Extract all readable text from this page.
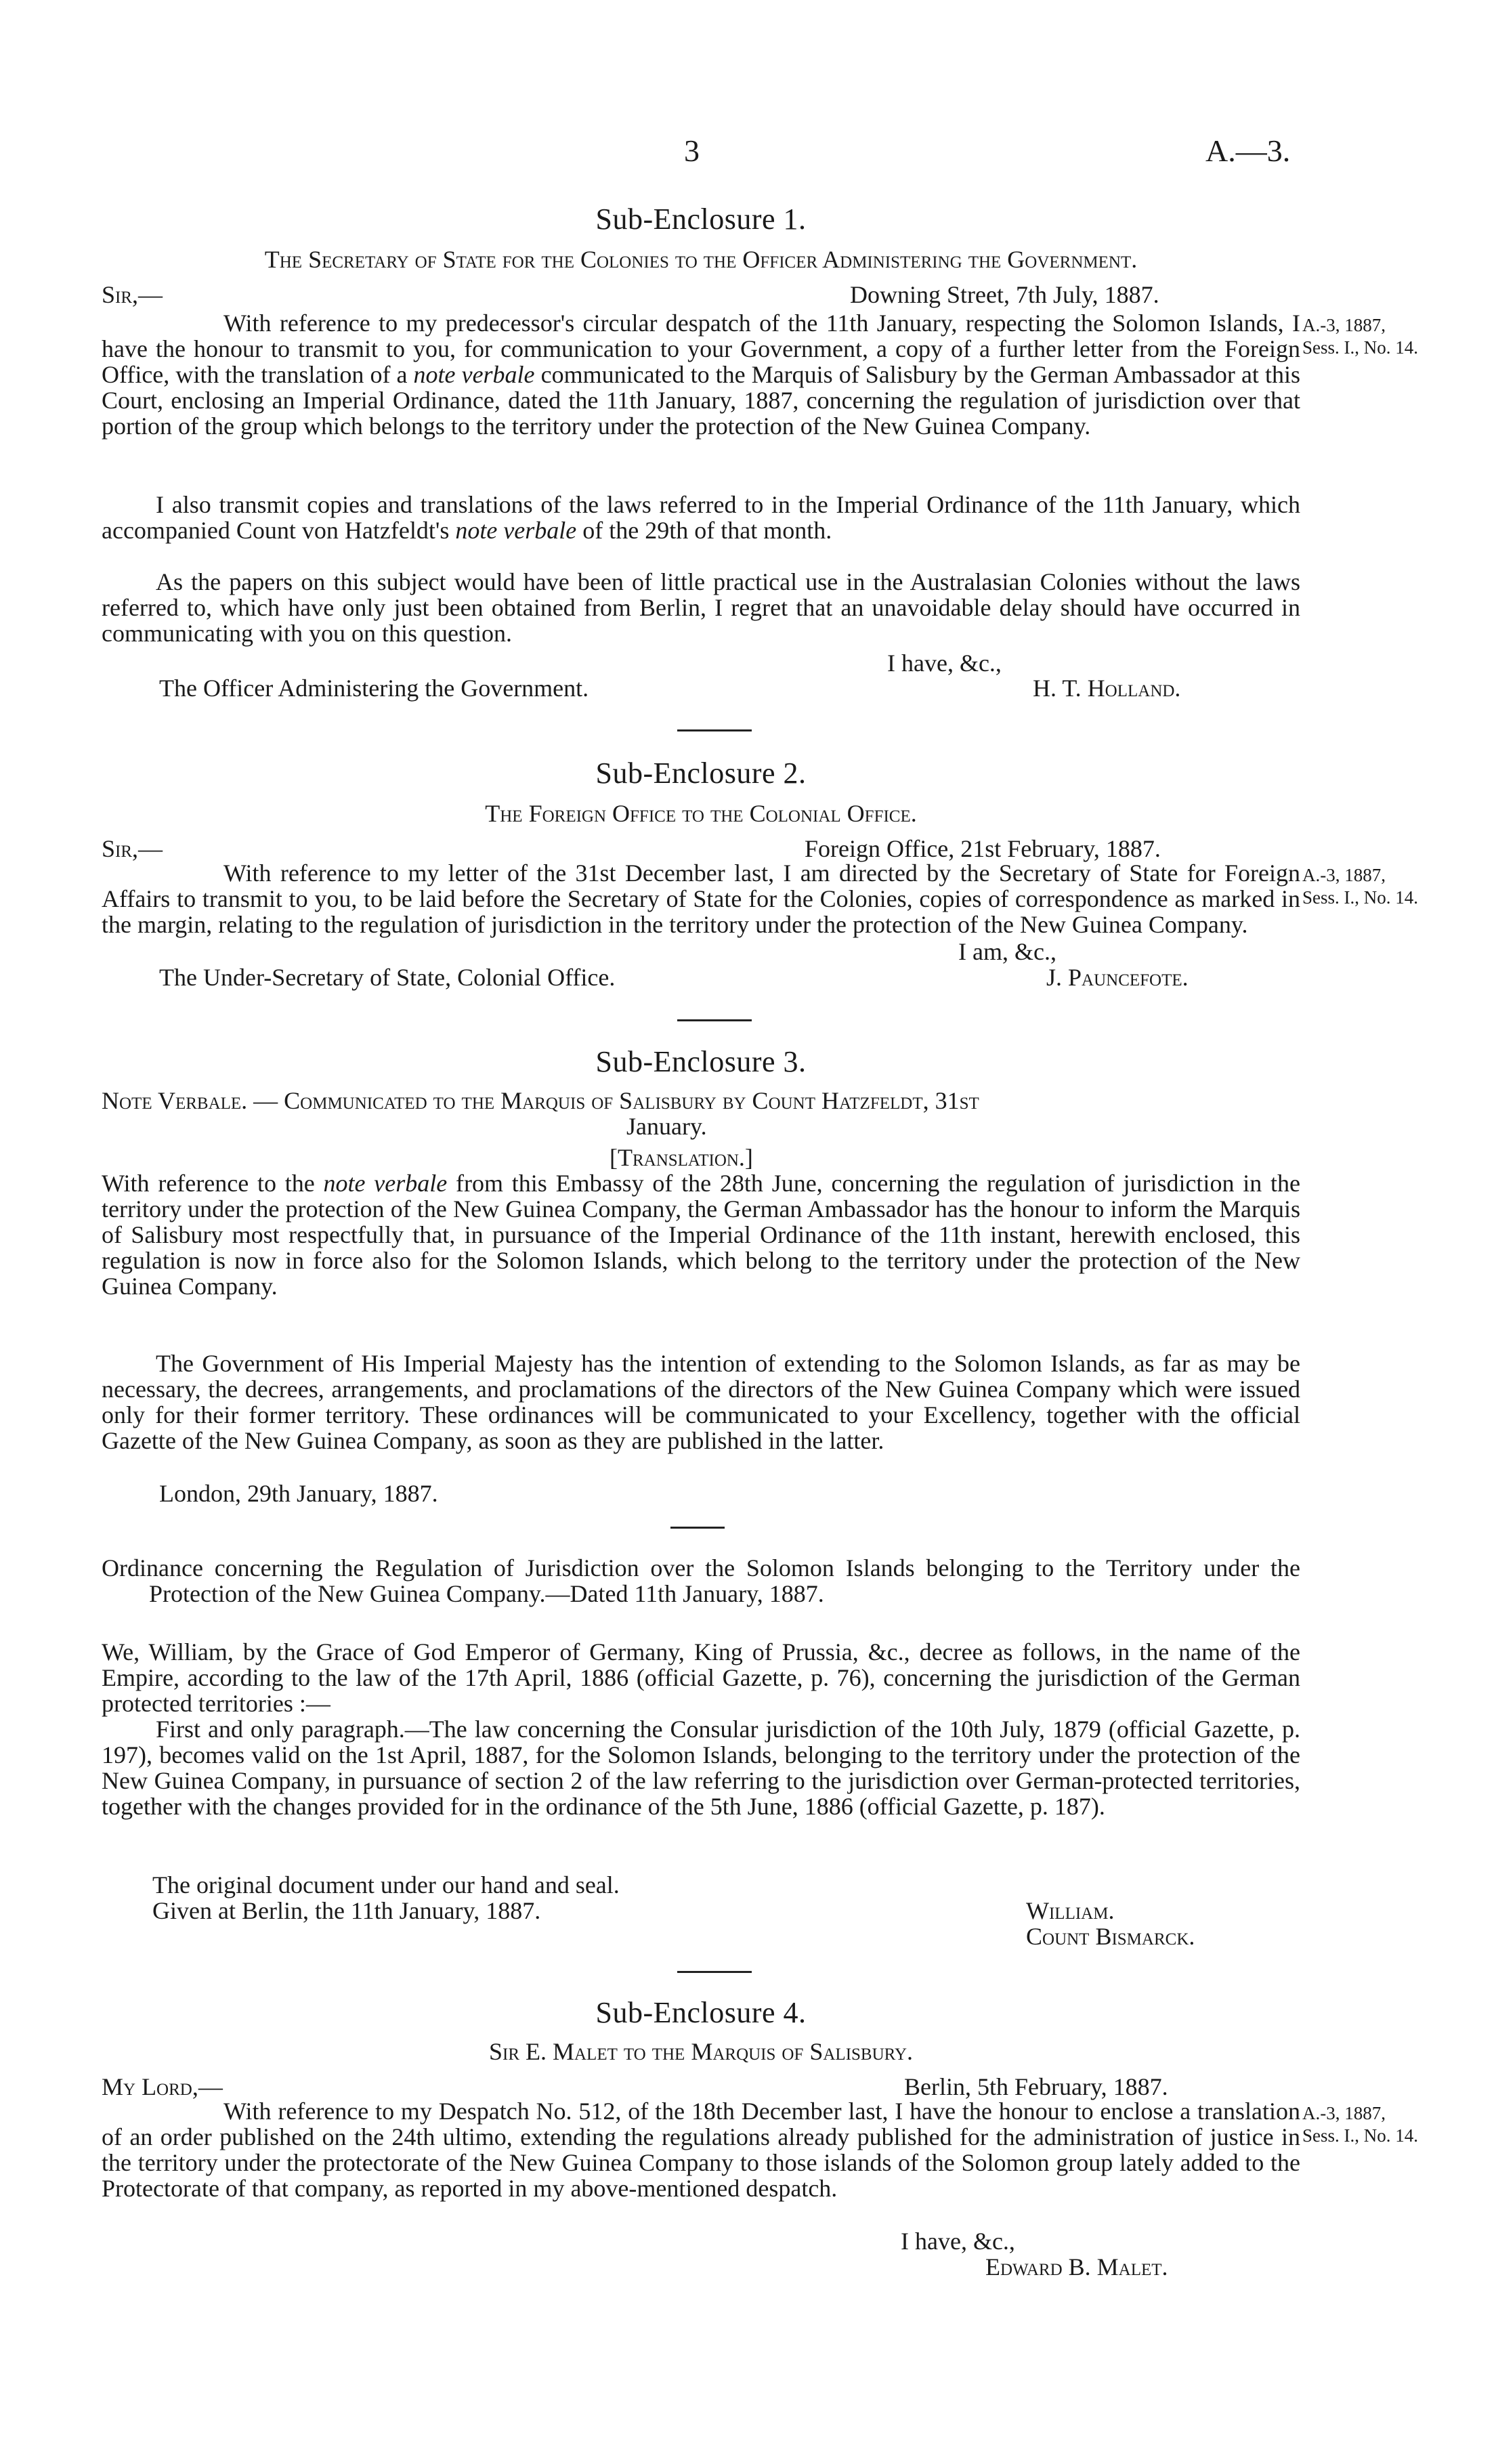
3	A.—3.
Sub-Enclosure 1.
The Secretary of State for the Colonies to the Officer Administering the Government.
Sir,—	Downing Street, 7th July, 1887.
A.-3, 1887,
Sess. I., No. 14.
With reference to my predecessor's circular despatch of the 11th January, respecting the Solomon Islands, I have the honour to transmit to you, for communication to your Government, a copy of a further letter from the Foreign Office, with the translation of a note verbale communicated to the Marquis of Salisbury by the German Ambassador at this Court, enclosing an Imperial Ordinance, dated the 11th January, 1887, concerning the regulation of jurisdiction over that portion of the group which belongs to the territory under the protection of the New Guinea Company.
I also transmit copies and translations of the laws referred to in the Imperial Ordinance of the 11th January, which accompanied Count von Hatzfeldt's note verbale of the 29th of that month.
As the papers on this subject would have been of little practical use in the Australasian Colonies without the laws referred to, which have only just been obtained from Berlin, I regret that an unavoidable delay should have occurred in communicating with you on this question.
I have, &c.,
The Officer Administering the Government.	H. T. Holland.
Sub-Enclosure 2.
The Foreign Office to the Colonial Office.
Sir,—	Foreign Office, 21st February, 1887.
A.-3, 1887,
Sess. I., No. 14.
With reference to my letter of the 31st December last, I am directed by the Secretary of State for Foreign Affairs to transmit to you, to be laid before the Secretary of State for the Colonies, copies of correspondence as marked in the margin, relating to the regulation of jurisdiction in the territory under the protection of the New Guinea Company.
I am, &c.,
The Under-Secretary of State, Colonial Office.	J. Pauncefote.
Sub-Enclosure 3.
Note Verbale. — Communicated to the Marquis of Salisbury by Count Hatzfeldt, 31st
January.
[Translation.]
With reference to the note verbale from this Embassy of the 28th June, concerning the regulation of jurisdiction in the territory under the protection of the New Guinea Company, the German Ambassador has the honour to inform the Marquis of Salisbury most respectfully that, in pursuance of the Imperial Ordinance of the 11th instant, herewith enclosed, this regulation is now in force also for the Solomon Islands, which belong to the territory under the protection of the New Guinea Company.
The Government of His Imperial Majesty has the intention of extending to the Solomon Islands, as far as may be necessary, the decrees, arrangements, and proclamations of the directors of the New Guinea Company which were issued only for their former territory. These ordinances will be communicated to your Excellency, together with the official Gazette of the New Guinea Company, as soon as they are published in the latter.
London, 29th January, 1887.
Ordinance concerning the Regulation of Jurisdiction over the Solomon Islands belonging to the Territory under the Protection of the New Guinea Company.—Dated 11th January, 1887.
We, William, by the Grace of God Emperor of Germany, King of Prussia, &c., decree as follows, in the name of the Empire, according to the law of the 17th April, 1886 (official Gazette, p. 76), concerning the jurisdiction of the German protected territories :—
First and only paragraph.—The law concerning the Consular jurisdiction of the 10th July, 1879 (official Gazette, p. 197), becomes valid on the 1st April, 1887, for the Solomon Islands, belonging to the territory under the protection of the New Guinea Company, in pursuance of section 2 of the law referring to the jurisdiction over German-protected territories, together with the changes provided for in the ordinance of the 5th June, 1886 (official Gazette, p. 187).
The original document under our hand and seal.
Given at Berlin, the 11th January, 1887.	William.
Count Bismarck.
Sub-Enclosure 4.
Sir E. Malet to the Marquis of Salisbury.
My Lord,—	Berlin, 5th February, 1887.
A.-3, 1887,
Sess. I., No. 14.
With reference to my Despatch No. 512, of the 18th December last, I have the honour to enclose a translation of an order published on the 24th ultimo, extending the regulations already published for the administration of justice in the territory under the protectorate of the New Guinea Company to those islands of the Solomon group lately added to the Protectorate of that company, as reported in my above-mentioned despatch.
I have, &c.,
Edward B. Malet.
